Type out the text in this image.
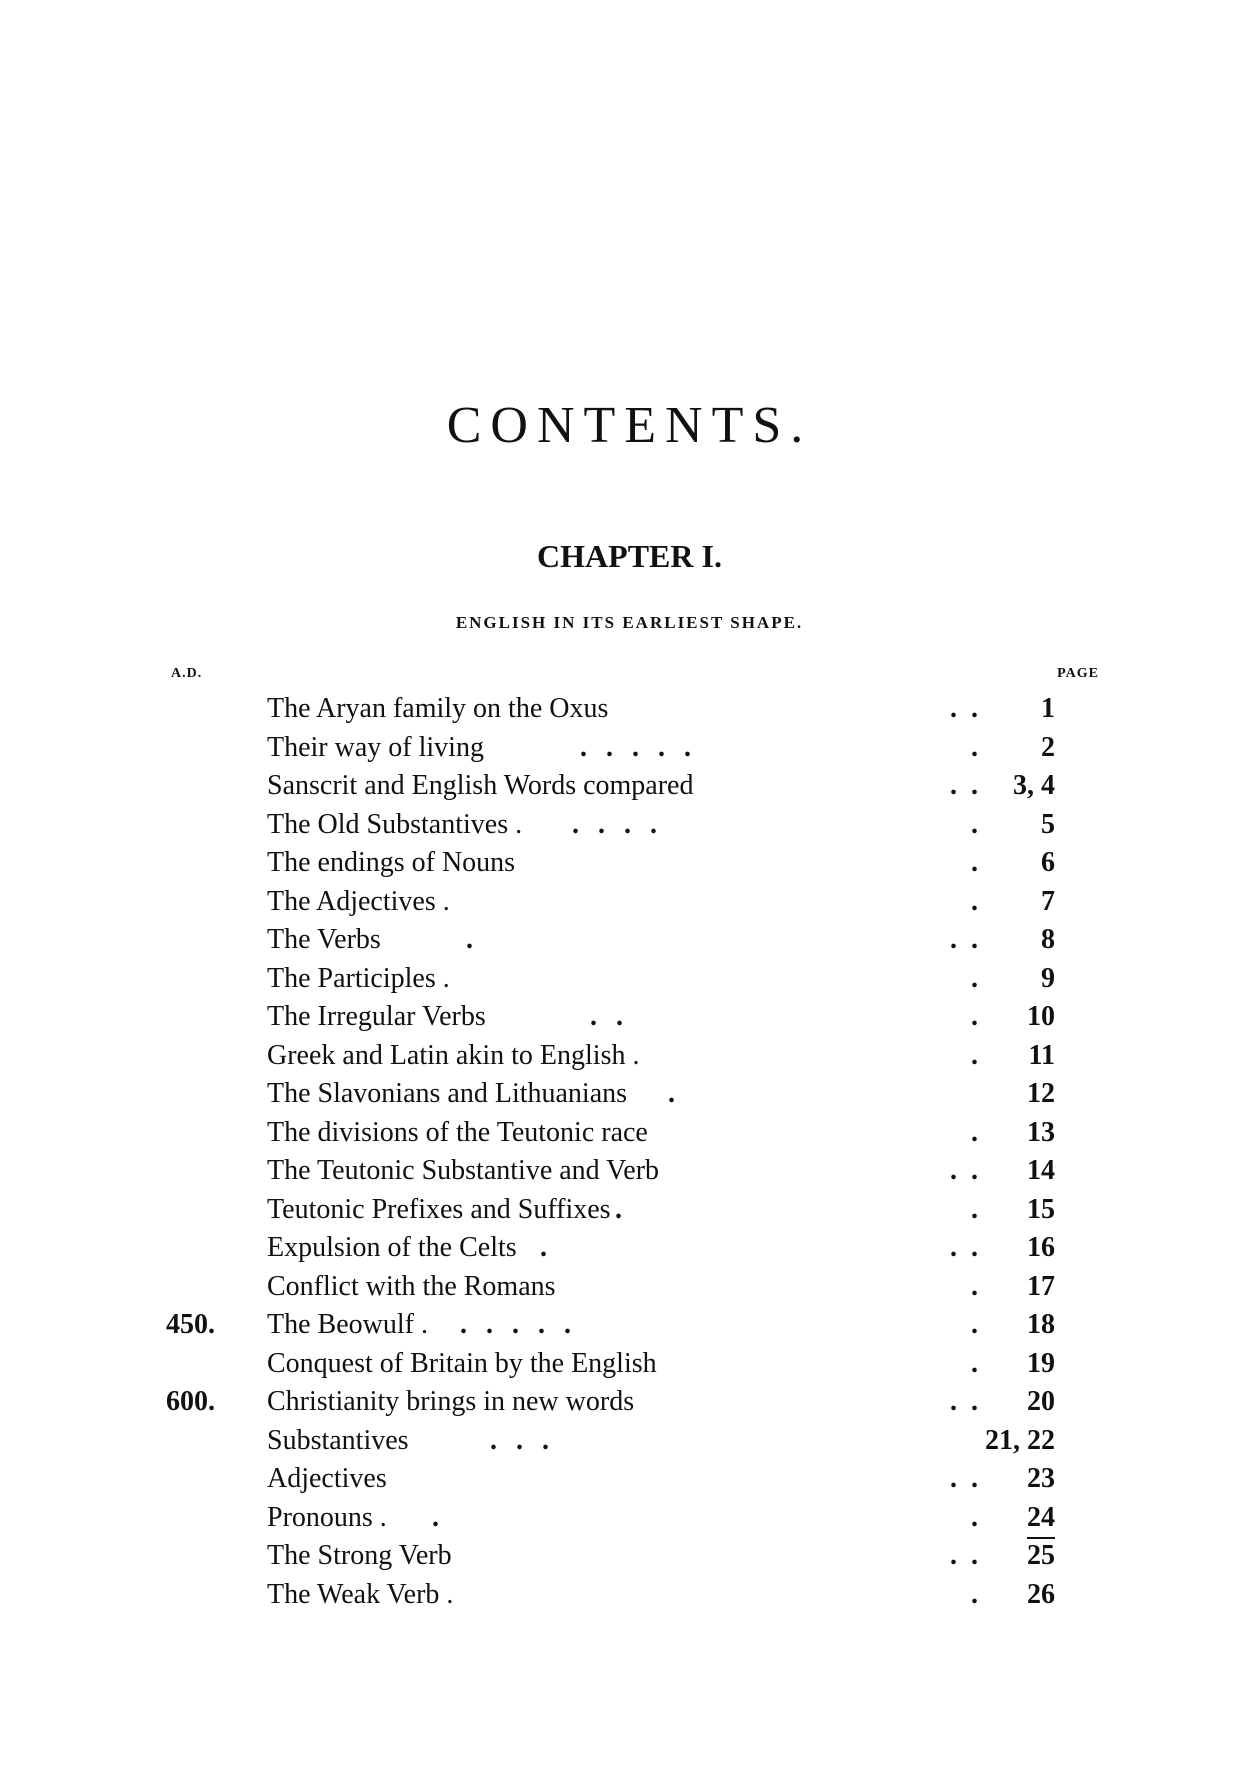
CONTENTS.
CHAPTER I.
ENGLISH IN ITS EARLIEST SHAPE.
A.D.	PAGE
The Aryan family on the Oxus	.. 1
Their way of living	. . . . .	. 2
Sanscrit and English Words compared	.. 3, 4
The Old Substantives . . . . .	. 5
The endings of Nouns	. 6
The Adjectives .	. 7
The Verbs	.	.. 8
The Participles .	. 9
The Irregular Verbs	. .	. 10
Greek and Latin akin to English .	. 11
The Slavonians and Lithuanians .	12
The divisions of the Teutonic race	. 13
The Teutonic Substantive and Verb	.. 14
Teutonic Prefixes and Suffixes .	. 15
Expulsion of the Celts .	.. 16
Conflict with the Romans	. 17
450. The Beowulf . . . . . .	. 18
Conquest of Britain by the English	. 19
600. Christianity brings in new words	.. 20
Substantives	. . .	21, 22
Adjectives	.. 23
Pronouns . .	. 24
The Strong Verb	.. 25
The Weak Verb .	. 26
